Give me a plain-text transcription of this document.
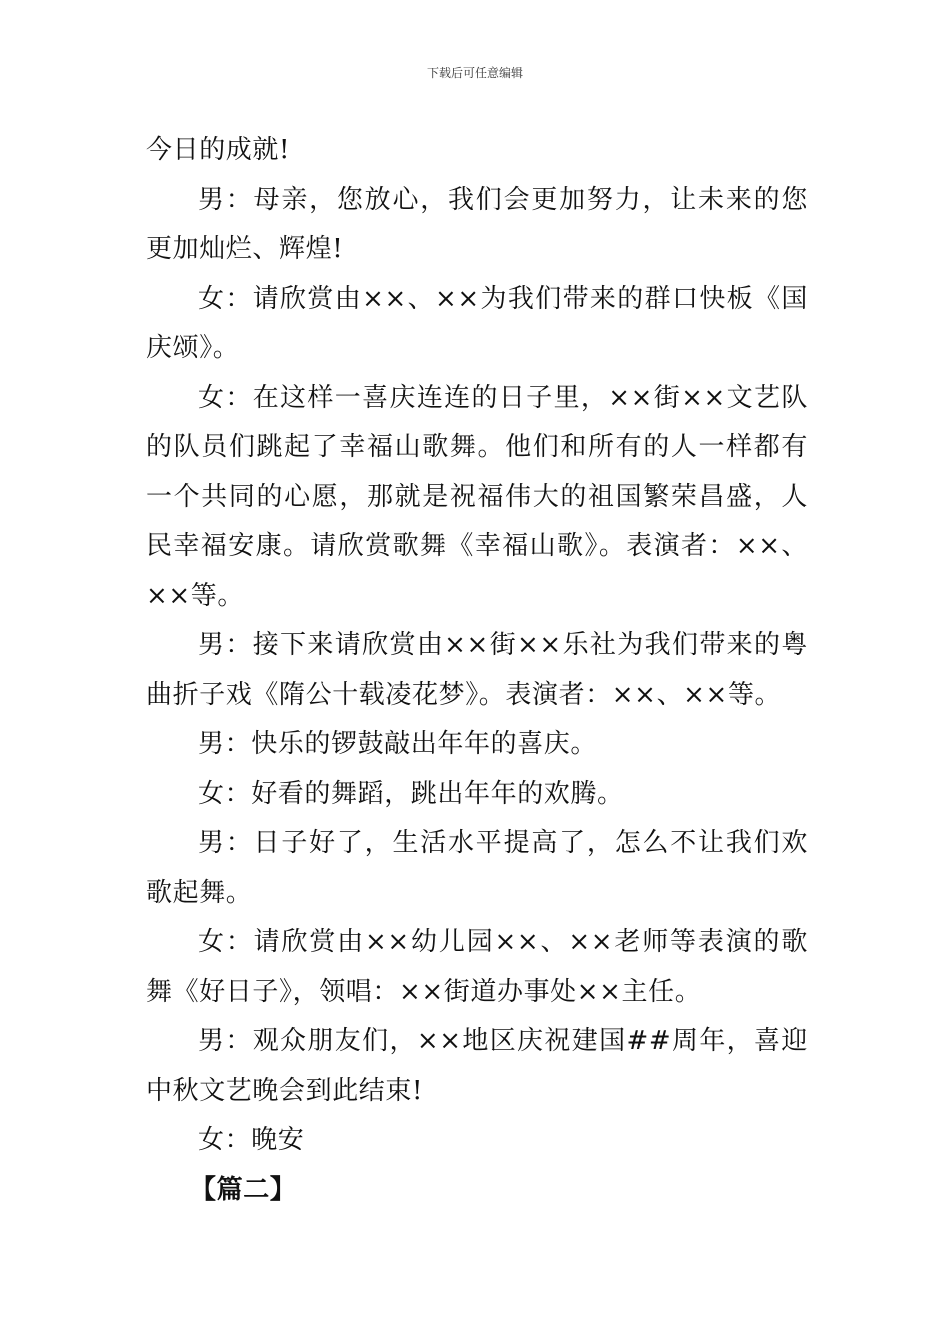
下载后可任意编辑

今日的成就!

男：母亲，您放心，我们会更加努力，让未来的您更加灿烂、辉煌!

女：请欣赏由××、××为我们带来的群口快板《国庆颂》。

女：在这样一喜庆连连的日子里，××街××文艺队的队员们跳起了幸福山歌舞。他们和所有的人一样都有一个共同的心愿，那就是祝福伟大的祖国繁荣昌盛，人民幸福安康。请欣赏歌舞《幸福山歌》。表演者：××、××等。

男：接下来请欣赏由××街××乐社为我们带来的粤曲折子戏《隋公十载凌花梦》。表演者：××、××等。

男：快乐的锣鼓敲出年年的喜庆。

女：好看的舞蹈，跳出年年的欢腾。

男：日子好了，生活水平提高了，怎么不让我们欢歌起舞。

女：请欣赏由××幼儿园××、××老师等表演的歌舞《好日子》，领唱：××街道办事处××主任。

男：观众朋友们，××地区庆祝建国##周年，喜迎中秋文艺晚会到此结束!

女：晚安

【篇二】
